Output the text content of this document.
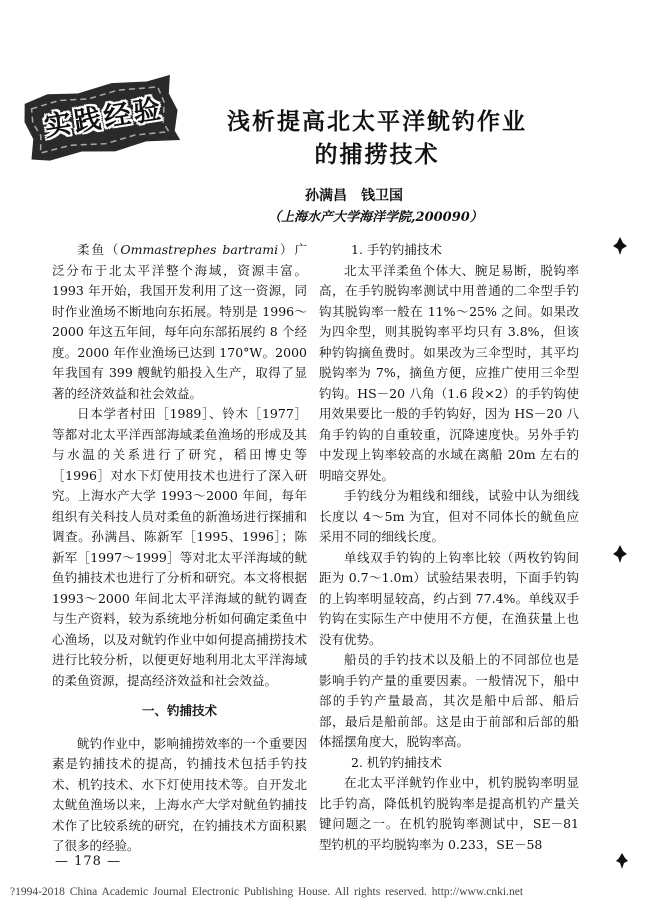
实践经验	浅析提高北太平洋鱿钓作业
的捕捞技术
孙满昌　钱卫国
（上海水产大学海洋学院,200090）

柔鱼（Ommastrephes bartrami）广泛分布于北太平洋整个海域，资源丰富。1993 年开始，我国开发利用了这一资源，同时作业渔场不断地向东拓展。特别是 1996～2000 年这五年间，每年向东部拓展约 8 个经度。2000 年作业渔场已达到 170°W。2000 年我国有 399 艘鱿钓船投入生产，取得了显著的经济效益和社会效益。

日本学者村田［1989］、铃木［1977］等都对北太平洋西部海域柔鱼渔场的形成及其与水温的关系进行了研究，稻田博史等［1996］对水下灯使用技术也进行了深入研究。上海水产大学 1993～2000 年间，每年组织有关科技人员对柔鱼的新渔场进行探捕和调查。孙满昌、陈新军［1995、1996］；陈新军［1997～1999］等对北太平洋海域的鱿鱼钓捕技术也进行了分析和研究。本文将根据 1993～2000 年间北太平洋海域的鱿钓调查与生产资料，较为系统地分析如何确定柔鱼中心渔场，以及对鱿钓作业中如何提高捕捞技术进行比较分析，以便更好地利用北太平洋海域的柔鱼资源，提高经济效益和社会效益。

一、钓捕技术

鱿钓作业中，影响捕捞效率的一个重要因素是钓捕技术的提高，钓捕技术包括手钓技术、机钓技术、水下灯使用技术等。自开发北太鱿鱼渔场以来，上海水产大学对鱿鱼钓捕技术作了比较系统的研究，在钓捕技术方面积累了很多的经验。

1. 手钓钓捕技术

北太平洋柔鱼个体大、腕足易断，脱钩率高，在手钓脱钩率测试中用普通的二伞型手钓钩其脱钩率一般在 11%～25% 之间。如果改为四伞型，则其脱钩率平均只有 3.8%，但该种钓钩摘鱼费时。如果改为三伞型时，其平均脱钩率为 7%，摘鱼方便，应推广使用三伞型钓钩。HS－20 八角（1.6 段×2）的手钓钩使用效果要比一般的手钓钩好，因为 HS－20 八角手钓钩的自重较重，沉降速度快。另外手钓中发现上钩率较高的水域在离船 20m 左右的明暗交界处。

手钓线分为粗线和细线，试验中认为细线长度以 4～5m 为宜，但对不同体长的鱿鱼应采用不同的细线长度。

单线双手钓钩的上钩率比较（两枚钓钩间距为 0.7～1.0m）试验结果表明，下面手钓钩的上钩率明显较高，约占到 77.4%。单线双手钓钩在实际生产中使用不方便，在渔获量上也没有优势。

船员的手钓技术以及船上的不同部位也是影响手钓产量的重要因素。一般情况下，船中部的手钓产量最高，其次是船中后部、船后部，最后是船前部。这是由于前部和后部的船体摇摆角度大，脱钩率高。

2. 机钓钓捕技术

在北太平洋鱿钓作业中，机钓脱钩率明显比手钓高，降低机钓脱钩率是提高机钓产量关键问题之一。在机钓脱钩率测试中，SE－81 型钓机的平均脱钩率为 0.233，SE－58

— 178 —
?1994-2018 China Academic Journal Electronic Publishing House. All rights reserved. http://www.cnki.net
